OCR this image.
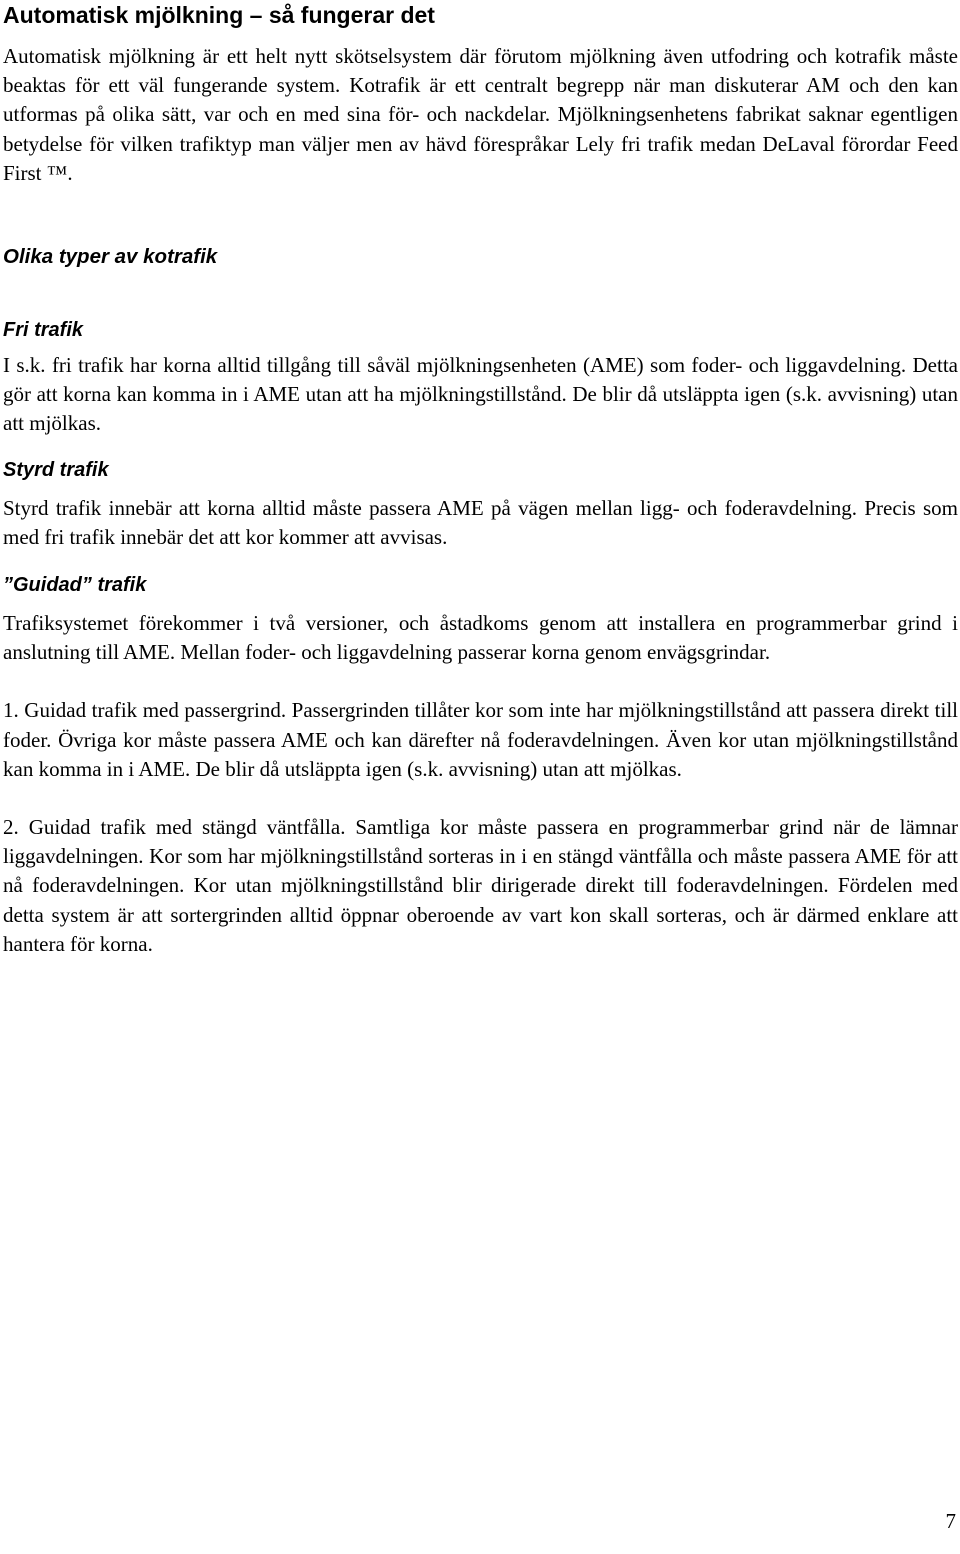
Automatisk mjölkning – så fungerar det

Automatisk mjölkning är ett helt nytt skötselsystem där förutom mjölkning även utfodring och kotrafik måste beaktas för ett väl fungerande system. Kotrafik är ett centralt begrepp när man diskuterar AM och den kan utformas på olika sätt, var och en med sina för- och nackdelar. Mjölkningsenhetens fabrikat saknar egentligen betydelse för vilken trafiktyp man väljer men av hävd förespråkar Lely fri trafik medan DeLaval förordar Feed First ™.

Olika typer av kotrafik
Fri trafik

I s.k. fri trafik har korna alltid tillgång till såväl mjölkningsenheten (AME) som foder- och liggavdelning. Detta gör att korna kan komma in i AME utan att ha mjölkningstillstånd. De blir då utsläppta igen (s.k. avvisning) utan att mjölkas.

Styrd trafik

Styrd trafik innebär att korna alltid måste passera AME på vägen mellan ligg- och foderavdelning. Precis som med fri trafik innebär det att kor kommer att avvisas.

”Guidad” trafik

Trafiksystemet förekommer i två versioner, och åstadkoms genom att installera en programmerbar grind i anslutning till AME. Mellan foder- och liggavdelning passerar korna genom envägsgrindar.

1. Guidad trafik med passergrind. Passergrinden tillåter kor som inte har mjölkningstillstånd att passera direkt till foder. Övriga kor måste passera AME och kan därefter nå foderavdelningen. Även kor utan mjölkningstillstånd kan komma in i AME. De blir då utsläppta igen (s.k. avvisning) utan att mjölkas.

2. Guidad trafik med stängd väntfålla. Samtliga kor måste passera en programmerbar grind när de lämnar liggavdelningen. Kor som har mjölkningstillstånd sorteras in i en stängd väntfålla och måste passera AME för att nå foderavdelningen. Kor utan mjölkningstillstånd blir dirigerade direkt till foderavdelningen. Fördelen med detta system är att sortergrinden alltid öppnar oberoende av vart kon skall sorteras, och är därmed enklare att hantera för korna.

7
